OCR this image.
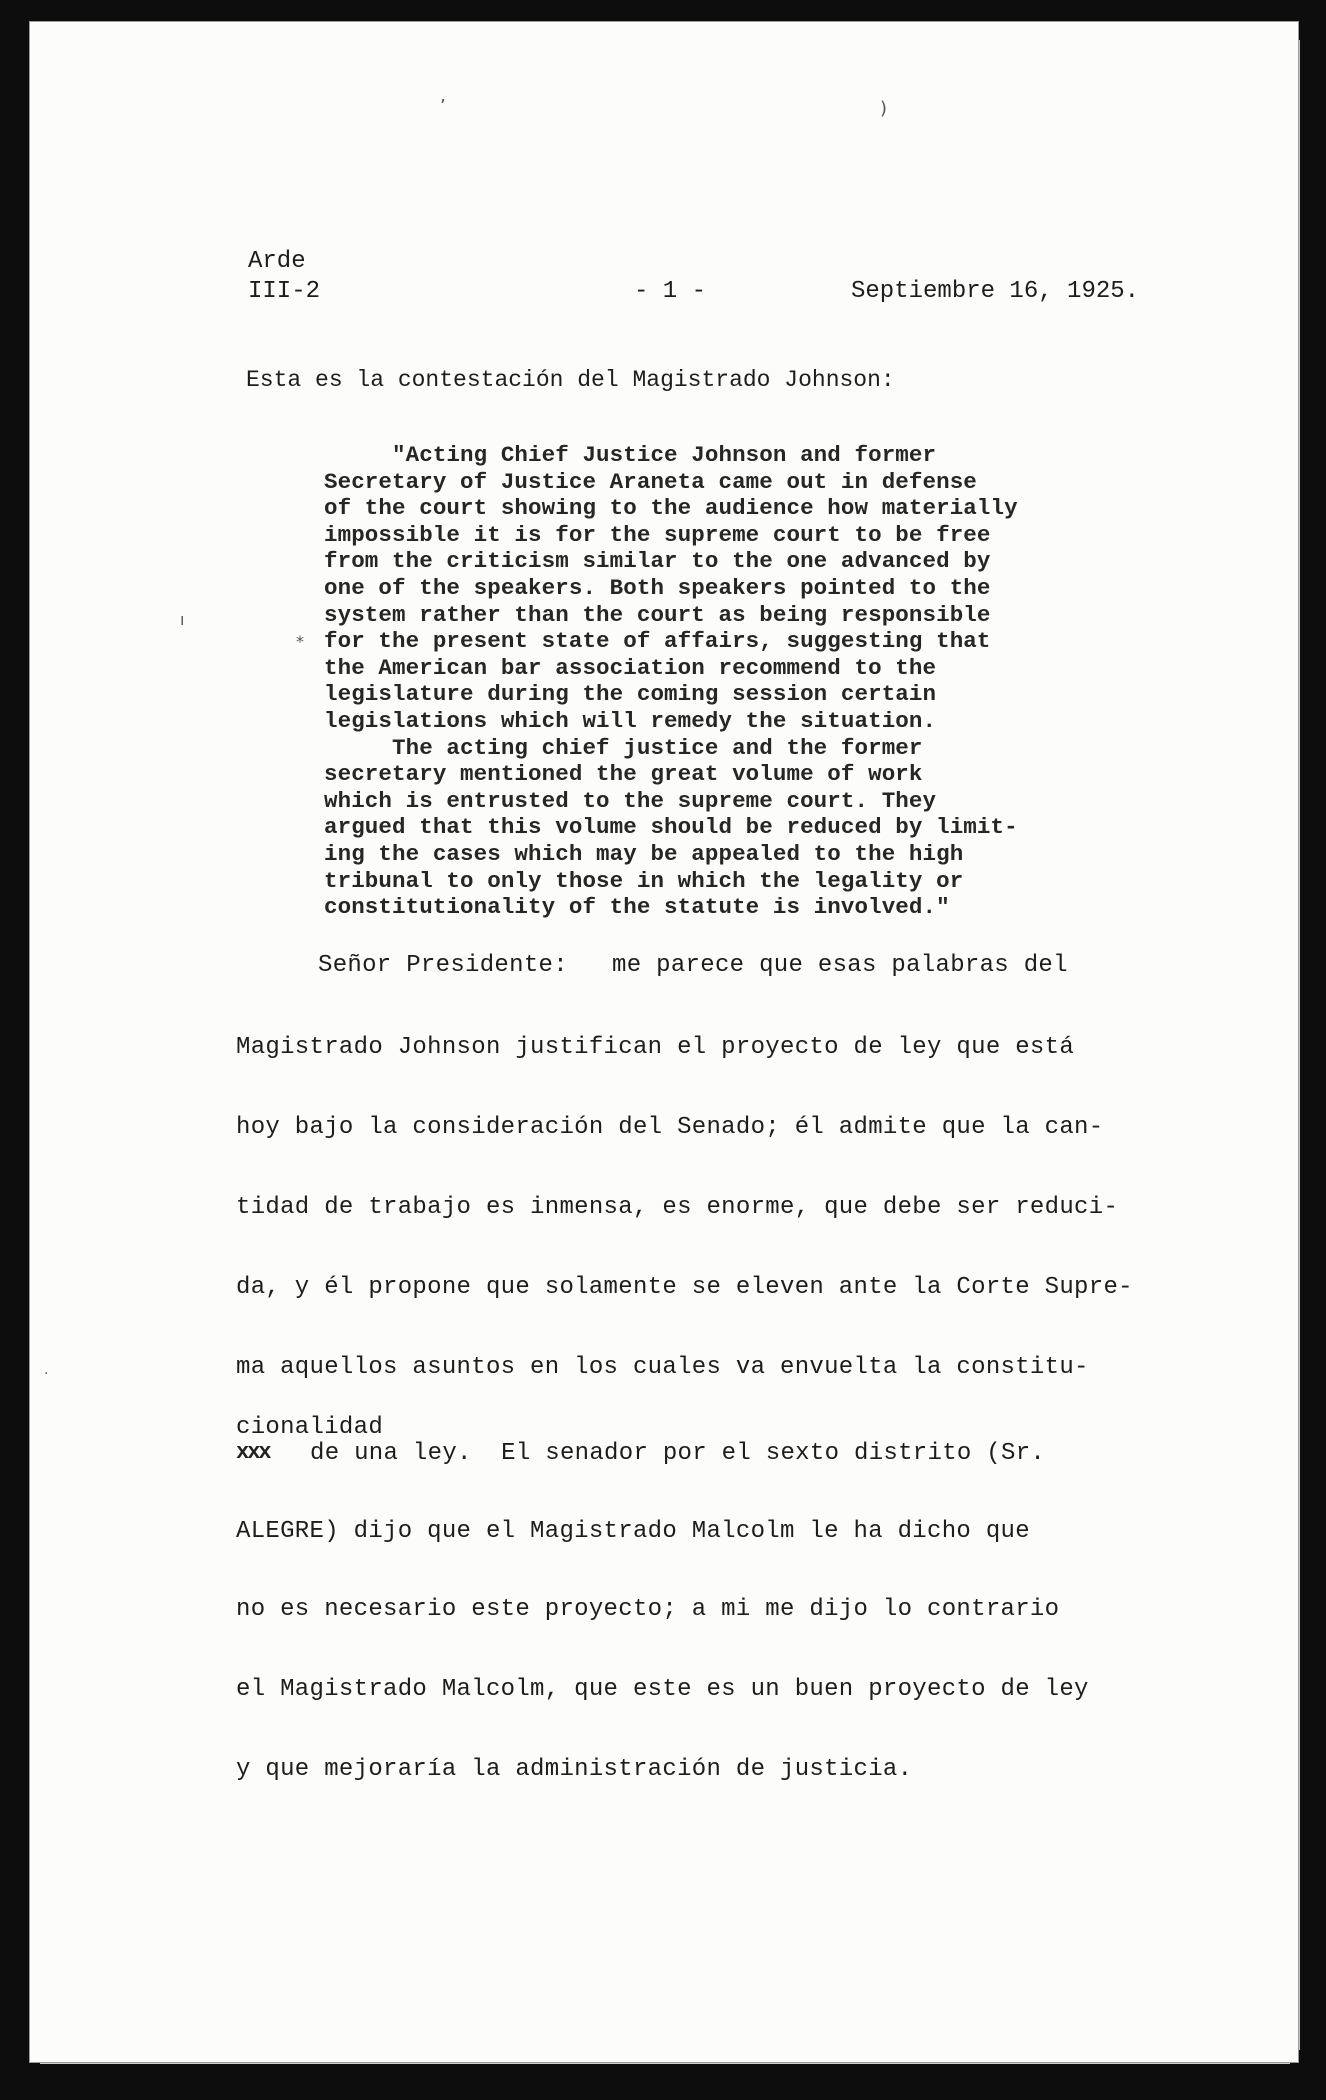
’	)
ı
*
·
Arde
III-2	- 1 -	Septiembre 16, 1925.
Esta es la contestación del Magistrado Johnson:
"Acting Chief Justice Johnson and former
Secretary of Justice Araneta came out in defense
of the court showing to the audience how materially
impossible it is for the supreme court to be free
from the criticism similar to the one advanced by
one of the speakers. Both speakers pointed to the
system rather than the court as being responsible
for the present state of affairs, suggesting that
the American bar association recommend to the
legislature during the coming session certain
legislations which will remedy the situation.
The acting chief justice and the former
secretary mentioned the great volume of work
which is entrusted to the supreme court. They
argued that this volume should be reduced by limit-
ing the cases which may be appealed to the high
tribunal to only those in which the legality or
constitutionality of the statute is involved."
Señor Presidente:   me parece que esas palabras del
Magistrado Johnson justifican el proyecto de ley que está
hoy bajo la consideración del Senado; él admite que la can-
tidad de trabajo es inmensa, es enorme, que debe ser reduci-
da, y él propone que solamente se eleven ante la Corte Supre-
ma aquellos asuntos en los cuales va envuelta la constitu-
cionalidad
de una ley.  El senador por el sexto distrito (Sr.
ALEGRE) dijo que el Magistrado Malcolm le ha dicho que
no es necesario este proyecto; a mi me dijo lo contrario
el Magistrado Malcolm, que este es un buen proyecto de ley
y que mejoraría la administración de justicia.
xxx
